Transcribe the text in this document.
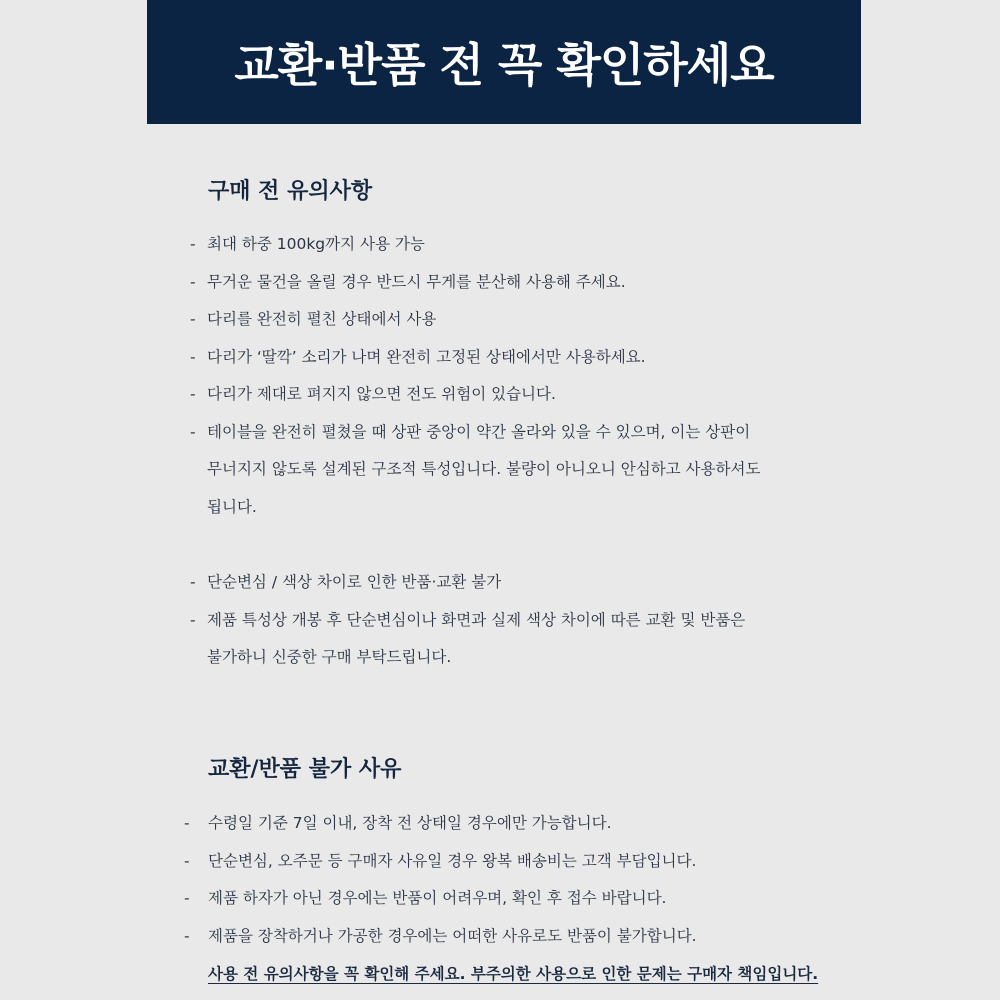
교환·반품 전 꼭 확인하세요
구매 전 유의사항
- 최대 하중 100kg까지 사용 가능
- 무거운 물건을 올릴 경우 반드시 무게를 분산해 사용해 주세요.
- 다리를 완전히 펼친 상태에서 사용
- 다리가 ‘딸깍’ 소리가 나며 완전히 고정된 상태에서만 사용하세요.
- 다리가 제대로 펴지지 않으면 전도 위험이 있습니다.
- 테이블을 완전히 펼쳤을 때 상판 중앙이 약간 올라와 있을 수 있으며, 이는 상판이
무너지지 않도록 설계된 구조적 특성입니다. 불량이 아니오니 안심하고 사용하셔도
됩니다.
- 단순변심 / 색상 차이로 인한 반품·교환 불가
- 제품 특성상 개봉 후 단순변심이나 화면과 실제 색상 차이에 따른 교환 및 반품은
불가하니 신중한 구매 부탁드립니다.
교환/반품 불가 사유
- 수령일 기준 7일 이내, 장착 전 상태일 경우에만 가능합니다.
- 단순변심, 오주문 등 구매자 사유일 경우 왕복 배송비는 고객 부담입니다.
- 제품 하자가 아닌 경우에는 반품이 어려우며, 확인 후 접수 바랍니다.
- 제품을 장착하거나 가공한 경우에는 어떠한 사유로도 반품이 불가합니다.

사용 전 유의사항을 꼭 확인해 주세요. 부주의한 사용으로 인한 문제는 구매자 책임입니다.
